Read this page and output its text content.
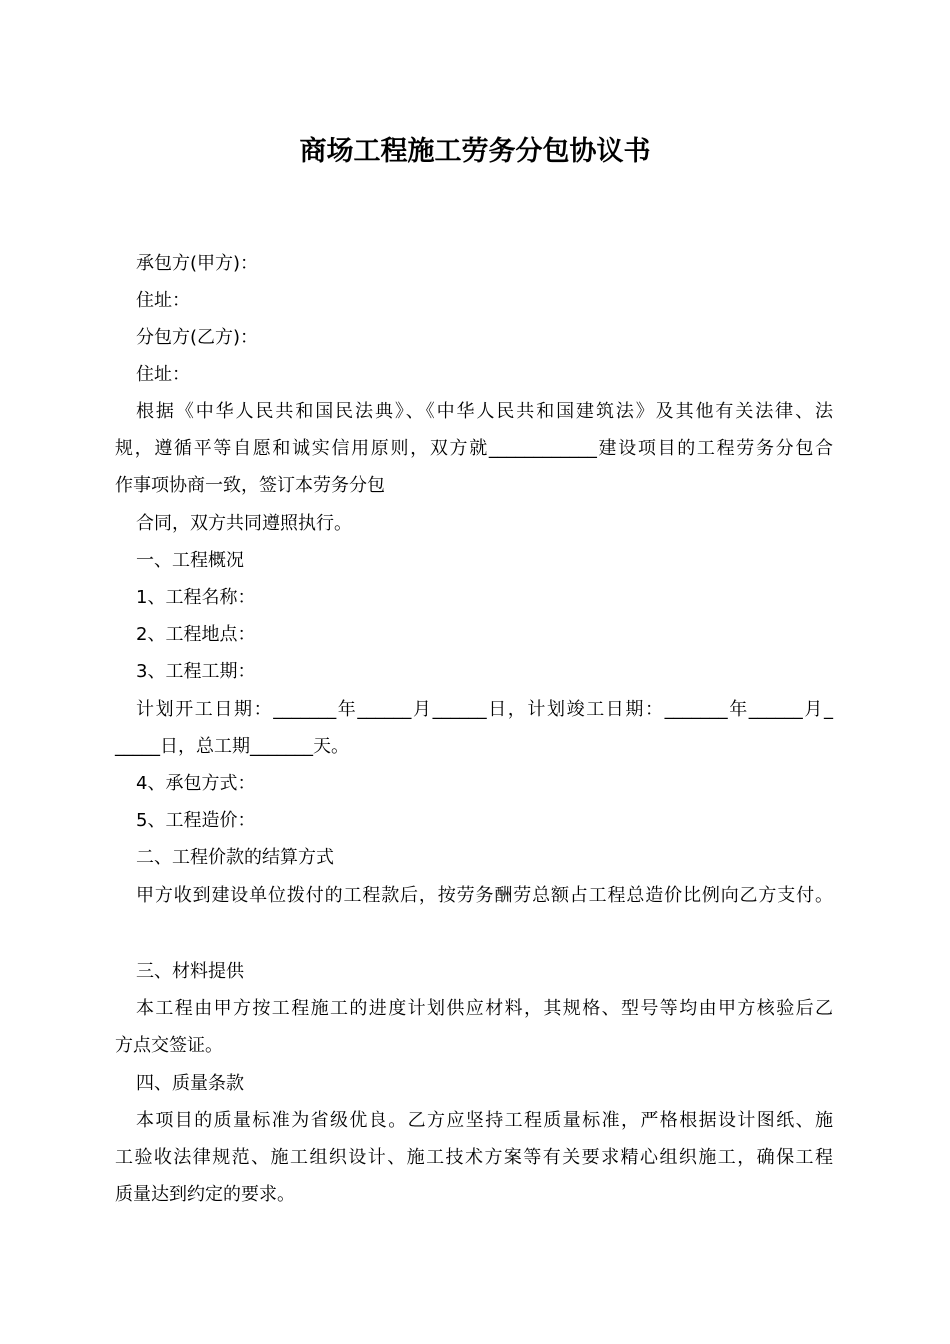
商场工程施工劳务分包协议书
承包方(甲方)：
住址：
分包方(乙方)：
住址：
根据《中华人民共和国民法典》、《中华人民共和国建筑法》及其他有关法律、法
规，遵循平等自愿和诚实信用原则，双方就____________建设项目的工程劳务分包合
作事项协商一致，签订本劳务分包
合同，双方共同遵照执行。
一、工程概况
1、工程名称：
2、工程地点：
3、工程工期：
计划开工日期：_______年______月______日，计划竣工日期：_______年______月_
_____日，总工期_______天。
4、承包方式：
5、工程造价：
二、工程价款的结算方式
甲方收到建设单位拨付的工程款后，按劳务酬劳总额占工程总造价比例向乙方支付。
三、材料提供
本工程由甲方按工程施工的进度计划供应材料，其规格、型号等均由甲方核验后乙
方点交签证。
四、质量条款
本项目的质量标准为省级优良。乙方应坚持工程质量标准，严格根据设计图纸、施
工验收法律规范、施工组织设计、施工技术方案等有关要求精心组织施工，确保工程
质量达到约定的要求。
